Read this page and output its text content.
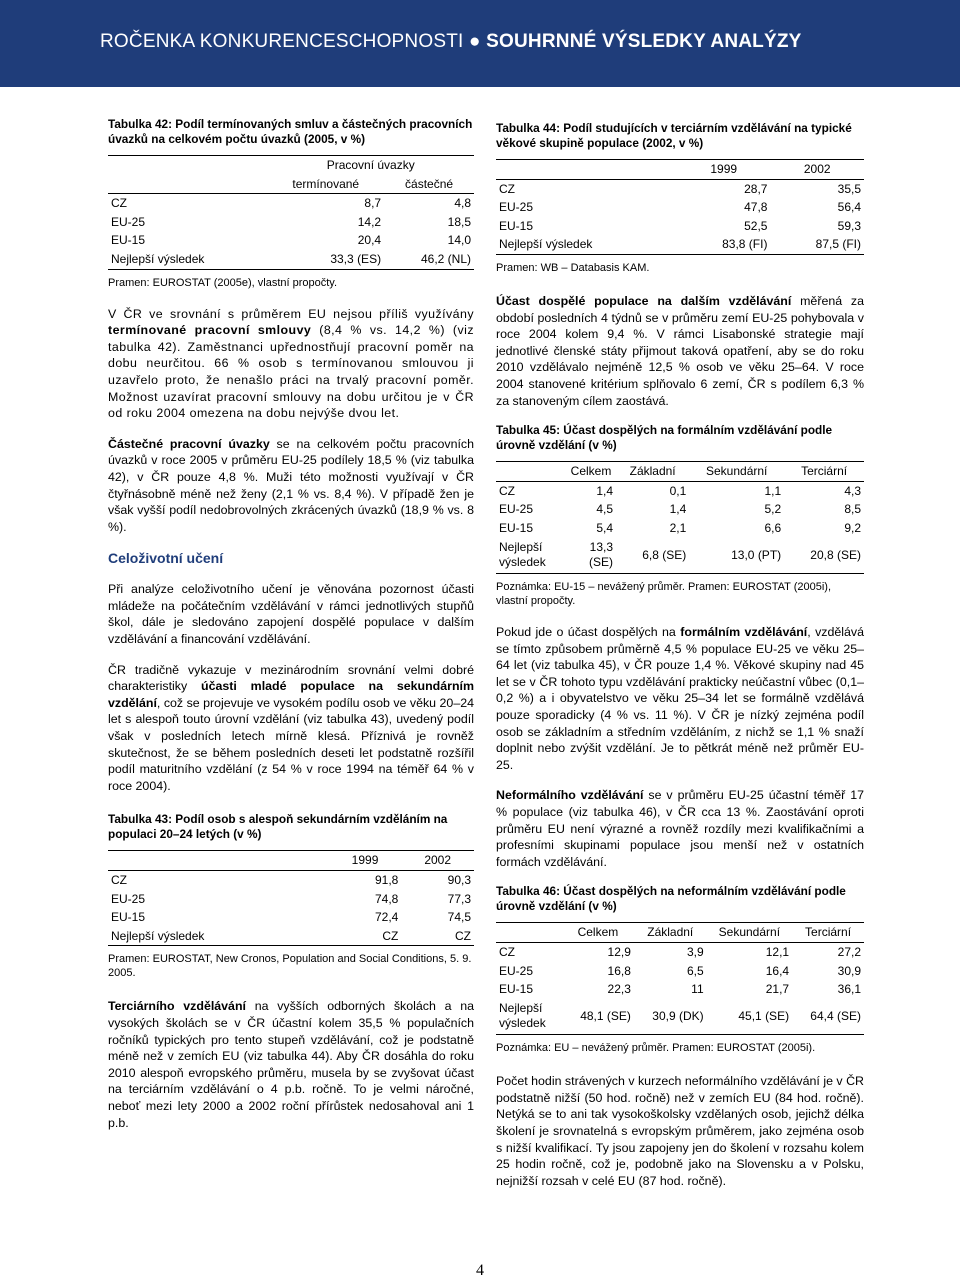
ROČENKA KONKURENCESCHOPNOSTI ● SOUHRNNÉ VÝSLEDKY ANALÝZY
Tabulka 42: Podíl termínovaných smluv a částečných pracovních úvazků na celkovém počtu úvazků (2005, v %)
	Pracovní úvazky	
	termínované	částečné
CZ	8,7	4,8
EU-25	14,2	18,5
EU-15	20,4	14,0
Nejlepší výsledek	33,3 (ES)	46,2 (NL)
Pramen: EUROSTAT (2005e), vlastní propočty.

V ČR ve srovnání s průměrem EU nejsou příliš využívány termínované pracovní smlouvy (8,4 % vs. 14,2 %) (viz tabulka 42). Zaměstnanci upřednostňují pracovní poměr na dobu neurčitou. 66 % osob s termínovanou smlouvou ji uzavřelo proto, že nenašlo práci na trvalý pracovní poměr. Možnost uzavírat pracovní smlouvy na dobu určitou je v ČR od roku 2004 omezena na dobu nejvýše dvou let.

Částečné pracovní úvazky se na celkovém počtu pracovních úvazků v roce 2005 v průměru EU-25 podílely 18,5 % (viz tabulka 42), v ČR pouze 4,8 %. Muži této možnosti využívají v ČR čtyřnásobně méně než ženy (2,1 % vs. 8,4 %). V případě žen je však vyšší podíl nedobrovolných zkrácených úvazků (18,9 % vs. 8 %).

Celoživotní učení

Při analýze celoživotního učení je věnována pozornost účasti mládeže na počátečním vzdělávání v rámci jednotlivých stupňů škol, dále je sledováno zapojení dospělé populace v dalším vzdělávání a financování vzdělávání.

ČR tradičně vykazuje v mezinárodním srovnání velmi dobré charakteristiky účasti mladé populace na sekundárním vzdělání, což se projevuje ve vysokém podílu osob ve věku 20–24 let s alespoň touto úrovní vzdělání (viz tabulka 43), uvedený podíl však v posledních letech mírně klesá. Příznivá je rovněž skutečnost, že se během posledních deseti let podstatně rozšířil podíl maturitního vzdělání (z 54 % v roce 1994 na téměř 64 % v roce 2004).

Tabulka 43: Podíl osob s alespoň sekundárním vzděláním na populaci 20–24 letých (v %)
	1999	2002
CZ	91,8	90,3
EU-25	74,8	77,3
EU-15	72,4	74,5
Nejlepší výsledek	CZ	CZ
Pramen: EUROSTAT, New Cronos, Population and Social Conditions, 5. 9. 2005.

Terciárního vzdělávání na vyšších odborných školách a na vysokých školách se v ČR účastní kolem 35,5 % populačních ročníků typických pro tento stupeň vzdělávání, což je podstatně méně než v zemích EU (viz tabulka 44). Aby ČR dosáhla do roku 2010 alespoň evropského průměru, musela by se zvyšovat účast na terciárním vzdělávání o 4 p.b. ročně. To je velmi náročné, neboť mezi lety 2000 a 2002 roční přírůstek nedosahoval ani 1 p.b.

Tabulka 44: Podíl studujících v terciárním vzdělávání na typické věkové skupině populace (2002, v %)
	1999	2002
CZ	28,7	35,5
EU-25	47,8	56,4
EU-15	52,5	59,3
Nejlepší výsledek	83,8 (FI)	87,5 (FI)
Pramen: WB – Databasis KAM.

Účast dospělé populace na dalším vzdělávání měřená za období posledních 4 týdnů se v průměru zemí EU-25 pohybovala v roce 2004 kolem 9,4 %. V rámci Lisabonské strategie mají jednotlivé členské státy přijmout taková opatření, aby se do roku 2010 vzdělávalo nejméně 12,5 % osob ve věku 25–64. V roce 2004 stanovené kritérium splňovalo 6 zemí, ČR s podílem 6,3 % za stanoveným cílem zaostává.

Tabulka 45: Účast dospělých na formálním vzdělávání podle úrovně vzdělání (v %)
	Celkem	Základní	Sekundární	Terciární
CZ	1,4	0,1	1,1	4,3
EU-25	4,5	1,4	5,2	8,5
EU-15	5,4	2,1	6,6	9,2
Nejlepší výsledek	13,3 (SE)	6,8 (SE)	13,0 (PT)	20,8 (SE)
Poznámka: EU-15 – nevážený průměr. Pramen: EUROSTAT (2005i), vlastní propočty.

Pokud jde o účast dospělých na formálním vzdělávání, vzdělává se tímto způsobem průměrně 4,5 % populace EU-25 ve věku 25–64 let (viz tabulka 45), v ČR pouze 1,4 %. Věkové skupiny nad 45 let se v ČR tohoto typu vzdělávání prakticky neúčastní vůbec (0,1–0,2 %) a i obyvatelstvo ve věku 25–34 let se formálně vzdělává pouze sporadicky (4 % vs. 11 %). V ČR je nízký zejména podíl osob se základním a středním vzděláním, z nichž se 1,1 % snaží doplnit nebo zvýšit vzdělání. Je to pětkrát méně než průměr EU-25.

Neformálního vzdělávání se v průměru EU-25 účastní téměř 17 % populace (viz tabulka 46), v ČR cca 13 %. Zaostávání oproti průměru EU není výrazné a rovněž rozdíly mezi kvalifikačními a profesními skupinami populace jsou menší než v ostatních formách vzdělávání.

Tabulka 46: Účast dospělých na neformálním vzdělávání podle úrovně vzdělání (v %)
	Celkem	Základní	Sekundární	Terciární
CZ	12,9	3,9	12,1	27,2
EU-25	16,8	6,5	16,4	30,9
EU-15	22,3	11	21,7	36,1
Nejlepší výsledek	48,1 (SE)	30,9 (DK)	45,1 (SE)	64,4 (SE)
Poznámka: EU – nevážený průměr. Pramen: EUROSTAT (2005i).

Počet hodin strávených v kurzech neformálního vzdělávání je v ČR podstatně nižší (50 hod. ročně) než v zemích EU (84 hod. ročně). Netýká se to ani tak vysokoškolsky vzdělaných osob, jejichž délka školení je srovnatelná s evropským průměrem, jako zejména osob s nižší kvalifikací. Ty jsou zapojeny jen do školení v rozsahu kolem 25 hodin ročně, což je, podobně jako na Slovensku a v Polsku, nejnižší rozsah v celé EU (87 hod. ročně).

4
